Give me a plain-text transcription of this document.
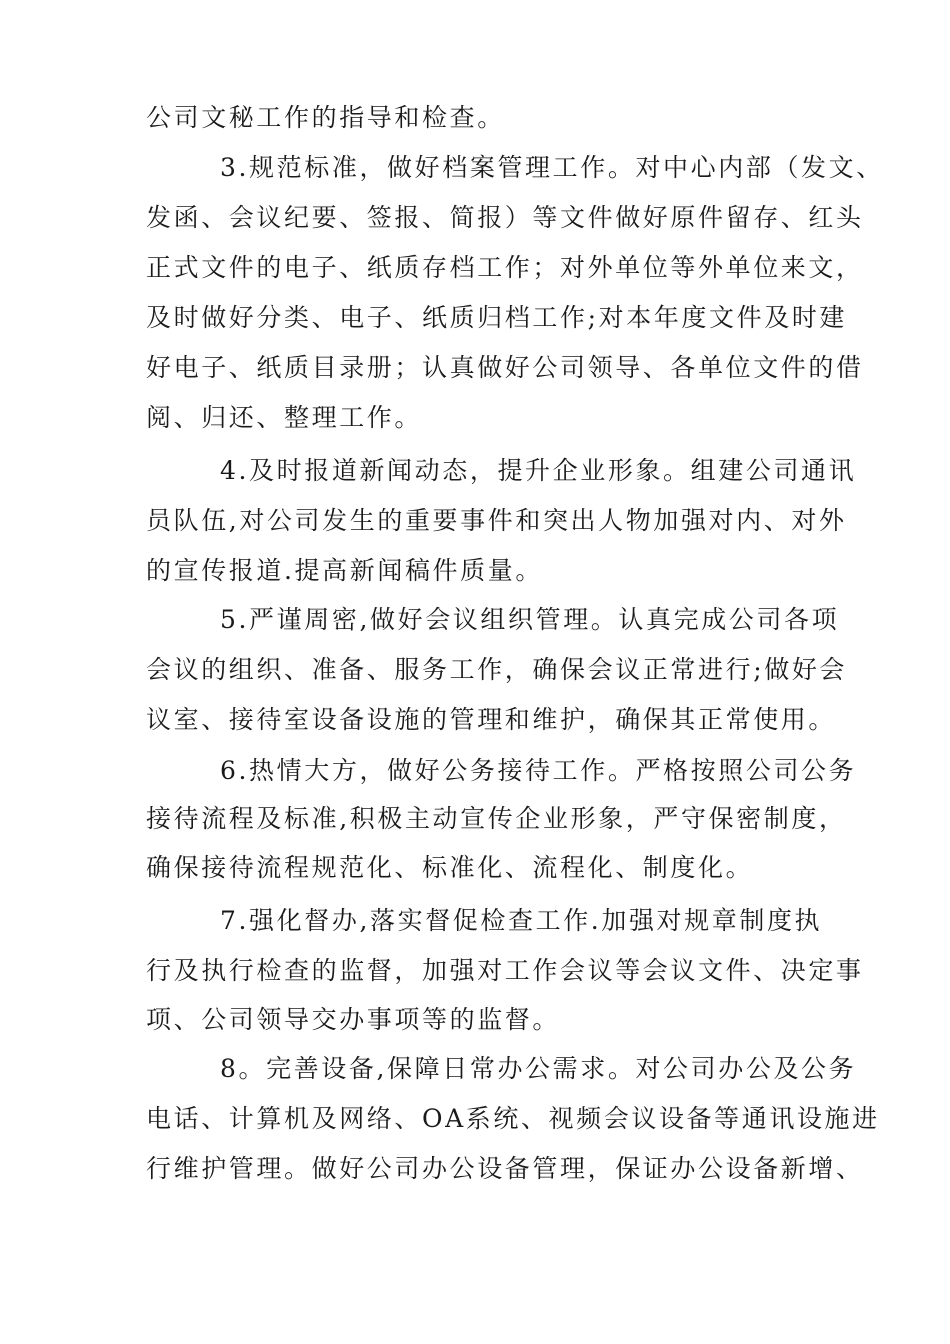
公司文秘工作的指导和检查。
3.规范标准，做好档案管理工作。对中心内部（发文、
发函、会议纪要、签报、简报）等文件做好原件留存、红头
正式文件的电子、纸质存档工作；对外单位等外单位来文，
及时做好分类、电子、纸质归档工作;对本年度文件及时建
好电子、纸质目录册；认真做好公司领导、各单位文件的借
阅、归还、整理工作。
4.及时报道新闻动态，提升企业形象。组建公司通讯
员队伍,对公司发生的重要事件和突出人物加强对内、对外
的宣传报道.提高新闻稿件质量。
5.严谨周密,做好会议组织管理。认真完成公司各项
会议的组织、准备、服务工作，确保会议正常进行;做好会
议室、接待室设备设施的管理和维护，确保其正常使用。
6.热情大方，做好公务接待工作。严格按照公司公务
接待流程及标准,积极主动宣传企业形象，严守保密制度，
确保接待流程规范化、标准化、流程化、制度化。
7.强化督办,落实督促检查工作.加强对规章制度执
行及执行检查的监督，加强对工作会议等会议文件、决定事
项、公司领导交办事项等的监督。
8。完善设备,保障日常办公需求。对公司办公及公务
电话、计算机及网络、OA系统、视频会议设备等通讯设施进
行维护管理。做好公司办公设备管理，保证办公设备新增、
